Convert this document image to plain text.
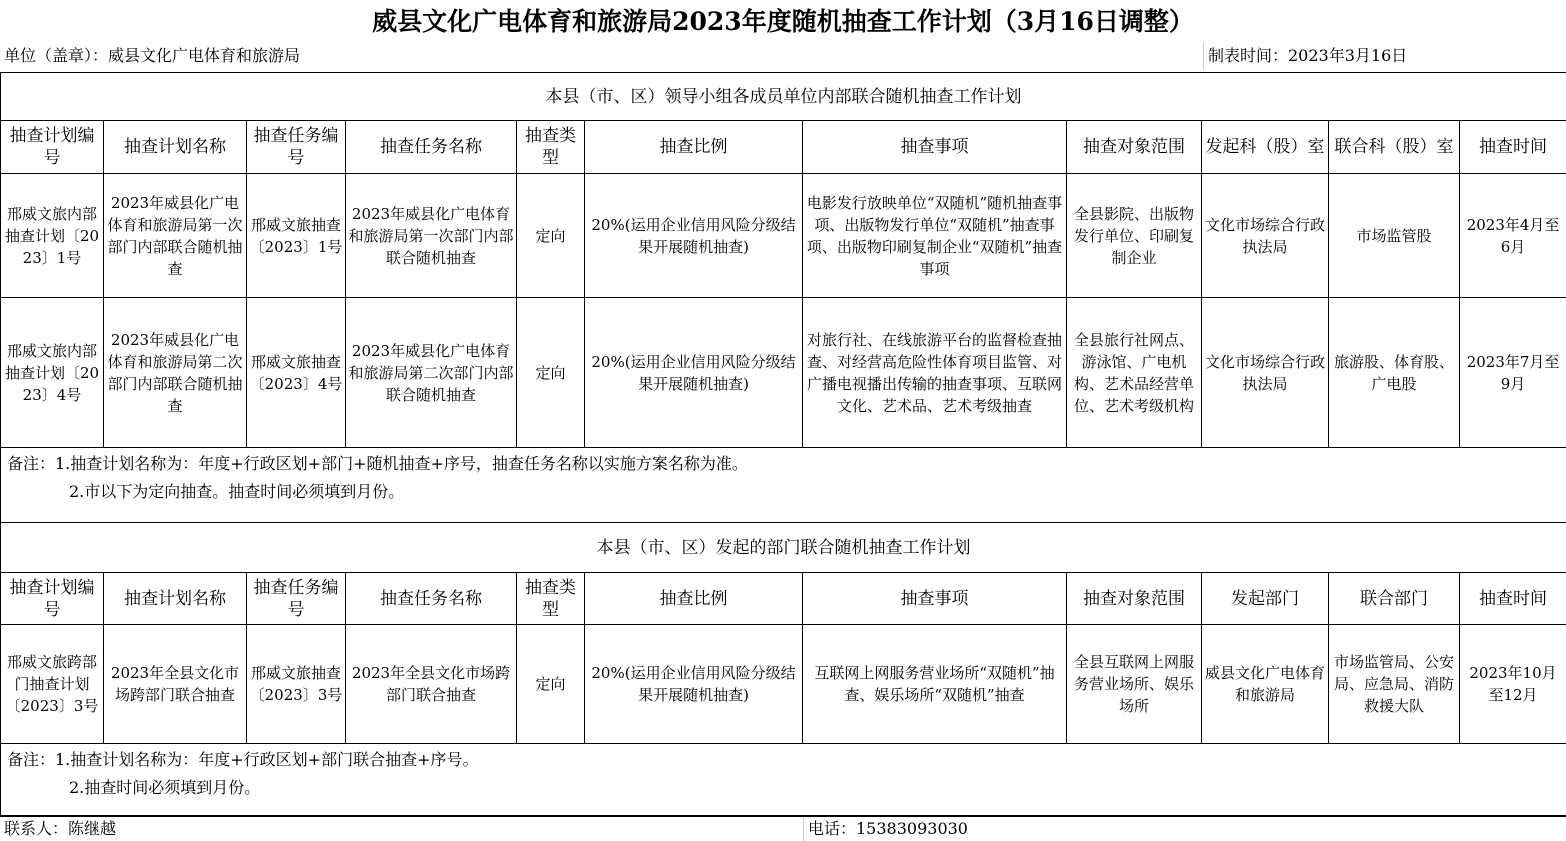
威县文化广电体育和旅游局2023年度随机抽查工作计划（3月16日调整）
单位（盖章）：威县文化广电体育和旅游局	制表时间：2023年3月16日
本县（市、区）领导小组各成员单位内部联合随机抽查工作计划										
抽查计划编号	抽查计划名称	抽查任务编号	抽查任务名称	抽查类型	抽查比例	抽查事项	抽查对象范围	发起科（股）室	联合科（股）室	抽查时间
邢威文旅内部抽查计划〔2023〕1号	2023年威县化广电体育和旅游局第一次部门内部联合随机抽查	邢威文旅抽查〔2023〕1号	2023年威县化广电体育和旅游局第一次部门内部联合随机抽查	定向	20%(运用企业信用风险分级结果开展随机抽查)	电影发行放映单位“双随机”随机抽查事项、出版物发行单位“双随机”抽查事项、出版物印刷复制企业“双随机”抽查事项	全县影院、出版物发行单位、印刷复制企业	文化市场综合行政执法局	市场监管股	2023年4月至6月
邢威文旅内部抽查计划〔2023〕4号	2023年威县化广电体育和旅游局第二次部门内部联合随机抽查	邢威文旅抽查〔2023〕4号	2023年威县化广电体育和旅游局第二次部门内部联合随机抽查	定向	20%(运用企业信用风险分级结果开展随机抽查)	对旅行社、在线旅游平台的监督检查抽查、对经营高危险性体育项目监管、对广播电视播出传输的抽查事项、互联网文化、艺术品、艺术考级抽查	全县旅行社网点、游泳馆、广电机构、艺术品经营单位、艺术考级机构	文化市场综合行政执法局	旅游股、体育股、广电股	2023年7月至9月

备注：1.抽查计划名称为：年度+行政区划+部门+随机抽查+序号，抽查任务名称以实施方案名称为准。
2.市以下为定向抽查。抽查时间必须填到月份。										
本县（市、区）发起的部门联合随机抽查工作计划										
抽查计划编号	抽查计划名称	抽查任务编号	抽查任务名称	抽查类型	抽查比例	抽查事项	抽查对象范围	发起部门	联合部门	抽查时间
邢威文旅跨部门抽查计划〔2023〕3号	2023年全县文化市场跨部门联合抽查	邢威文旅抽查〔2023〕3号	2023年全县文化市场跨部门联合抽查	定向	20%(运用企业信用风险分级结果开展随机抽查)	互联网上网服务营业场所“双随机”抽查、娱乐场所“双随机”抽查	全县互联网上网服务营业场所、娱乐场所	威县文化广电体育和旅游局	市场监管局、公安局、应急局、消防救援大队	2023年10月至12月

备注：1.抽查计划名称为：年度+行政区划+部门联合抽查+序号。
2.抽查时间必须填到月份。										
联系人：陈继越	电话：15383093030
